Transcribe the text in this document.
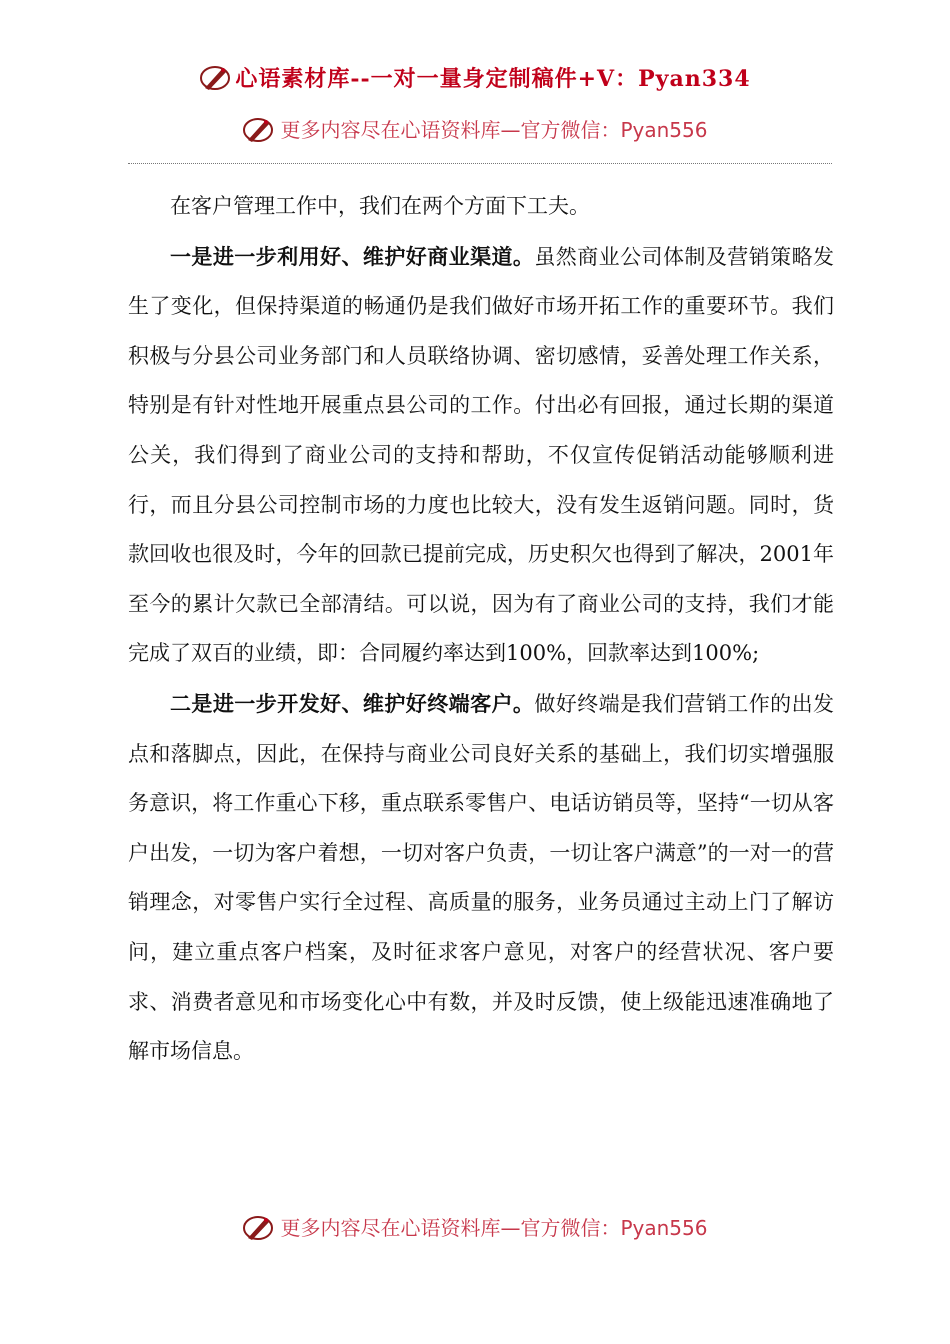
心语素材库--一对一量身定制稿件+V：Pyan334
更多内容尽在心语资料库—官方微信：Pyan556

在客户管理工作中，我们在两个方面下工夫。

一是进一步利用好、维护好商业渠道。虽然商业公司体制及营销策略发生了变化，但保持渠道的畅通仍是我们做好市场开拓工作的重要环节。我们积极与分县公司业务部门和人员联络协调、密切感情，妥善处理工作关系，特别是有针对性地开展重点县公司的工作。付出必有回报，通过长期的渠道公关，我们得到了商业公司的支持和帮助，不仅宣传促销活动能够顺利进行，而且分县公司控制市场的力度也比较大，没有发生返销问题。同时，货款回收也很及时，今年的回款已提前完成，历史积欠也得到了解决，2001年至今的累计欠款已全部清结。可以说，因为有了商业公司的支持，我们才能完成了双百的业绩，即：合同履约率达到100%，回款率达到100%;

二是进一步开发好、维护好终端客户。做好终端是我们营销工作的出发点和落脚点，因此，在保持与商业公司良好关系的基础上，我们切实增强服务意识，将工作重心下移，重点联系零售户、电话访销员等，坚持“一切从客户出发，一切为客户着想，一切对客户负责，一切让客户满意”的一对一的营销理念，对零售户实行全过程、高质量的服务，业务员通过主动上门了解访问，建立重点客户档案，及时征求客户意见，对客户的经营状况、客户要求、消费者意见和市场变化心中有数，并及时反馈，使上级能迅速准确地了解市场信息。

更多内容尽在心语资料库—官方微信：Pyan556
